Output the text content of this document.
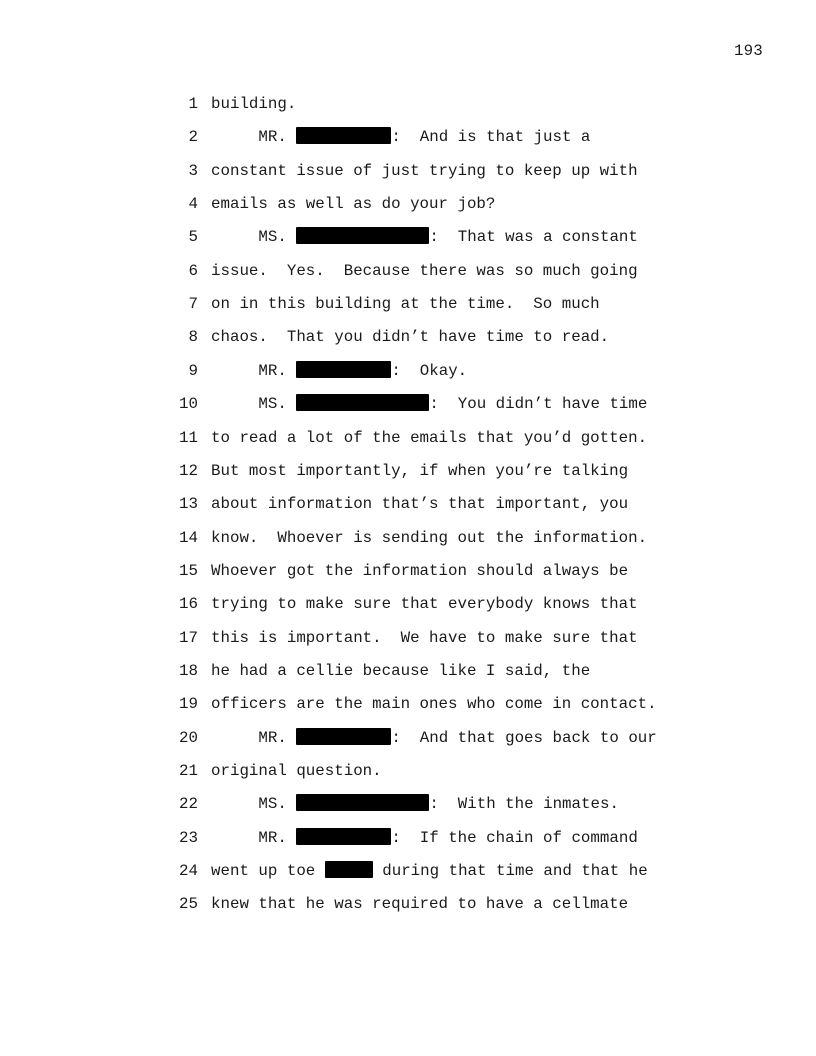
193
1 building.
2 MR.	:  And is that just a
3 constant issue of just trying to keep up with
4 emails as well as do your job?
5 MS.	:  That was a constant
6 issue.  Yes.  Because there was so much going
7 on in this building at the time.  So much
8 chaos.  That you didn’t have time to read.
9 MR.	:  Okay.
10 MS.	:  You didn’t have time
11 to read a lot of the emails that you’d gotten.
12 But most importantly, if when you’re talking
13 about information that’s that important, you
14 know.  Whoever is sending out the information.
15 Whoever got the information should always be
16 trying to make sure that everybody knows that
17 this is important.  We have to make sure that
18 he had a cellie because like I said, the
19 officers are the main ones who come in contact.
20 MR.	:  And that goes back to our
21 original question.
22 MS.	:  With the inmates.
23 MR.	:  If the chain of command
24 went up toe	during that time and that he
25 knew that he was required to have a cellmate
